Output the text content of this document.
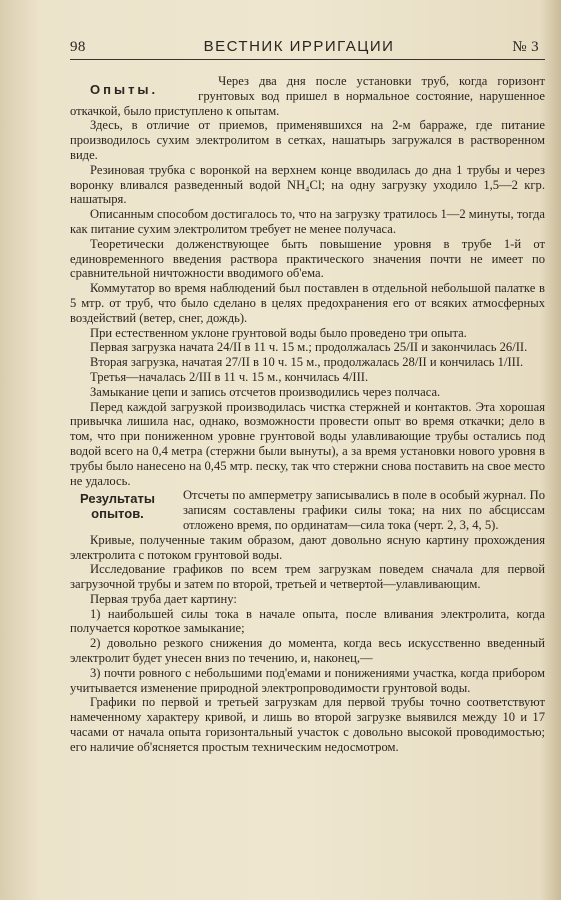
98	ВЕСТНИК ИРРИГАЦИИ	№ 3
Опыты.

Через два дня после установки труб, когда горизонт грунтовых вод пришел в нормальное состояние, нарушенное откачкой, было приступлено к опытам.

Здесь, в отличие от приемов, применявшихся на 2-м барраже, где питание производилось сухим электролитом в сетках, нашатырь загружался в растворенном виде.

Резиновая трубка с воронкой на верхнем конце вводилась до дна 1 трубы и через воронку вливался разведенный водой NH₄Cl; на одну загрузку уходило 1,5—2 кгр. нашатыря.

Описанным способом достигалось то, что на загрузку тратилось 1—2 минуты, тогда как питание сухим электролитом требует не менее получаса.

Теоретически долженствующее быть повышение уровня в трубе 1-й от единовременного введения раствора практического значения почти не имеет по сравнительной ничтожности вводимого об'ема.

Коммутатор во время наблюдений был поставлен в отдельной небольшой палатке в 5 мтр. от труб, что было сделано в целях предохранения его от всяких атмосферных воздействий (ветер, снег, дождь).

При естественном уклоне грунтовой воды было проведено три опыта.

Первая загрузка начата 24/II в 11 ч. 15 м.; продолжалась 25/II и закончилась 26/II.

Вторая загрузка, начатая 27/II в 10 ч. 15 м., продолжалась 28/II и кончилась 1/III.

Третья—началась 2/III в 11 ч. 15 м., кончилась 4/III.

Замыкание цепи и запись отсчетов производились через полчаса.

Перед каждой загрузкой производилась чистка стержней и контактов. Эта хорошая привычка лишила нас, однако, возможности провести опыт во время откачки; дело в том, что при пониженном уровне грунтовой воды улавливающие трубы остались под водой всего на 0,4 метра (стержни были вынуты), а за время установки нового уровня в трубы было нанесено на 0,45 мтр. песку, так что стержни снова поставить на свое место не удалось.

Результаты
опытов.

Отсчеты по амперметру записывались в поле в особый журнал. По записям составлены графики силы тока; на них по абсциссам отложено время, по ординатам—сила тока (черт. 2, 3, 4, 5).

Кривые, полученные таким образом, дают довольно ясную картину прохождения электролита с потоком грунтовой воды.

Исследование графиков по всем трем загрузкам поведем сначала для первой загрузочной трубы и затем по второй, третьей и четвертой—улавливающим.

Первая труба дает картину:

1) наибольшей силы тока в начале опыта, после вливания электролита, когда получается короткое замыкание;

2) довольно резкого снижения до момента, когда весь искусственно введенный электролит будет унесен вниз по течению, и, наконец,—

3) почти ровного с небольшими под'емами и понижениями участка, когда прибором учитывается изменение природной электропроводимости грунтовой воды.

Графики по первой и третьей загрузкам для первой трубы точно соответствуют намеченному характеру кривой, и лишь во второй загрузке выявился между 10 и 17 часами от начала опыта горизонтальный участок с довольно высокой проводимостью; его наличие об'ясняется простым техническим недосмотром.
